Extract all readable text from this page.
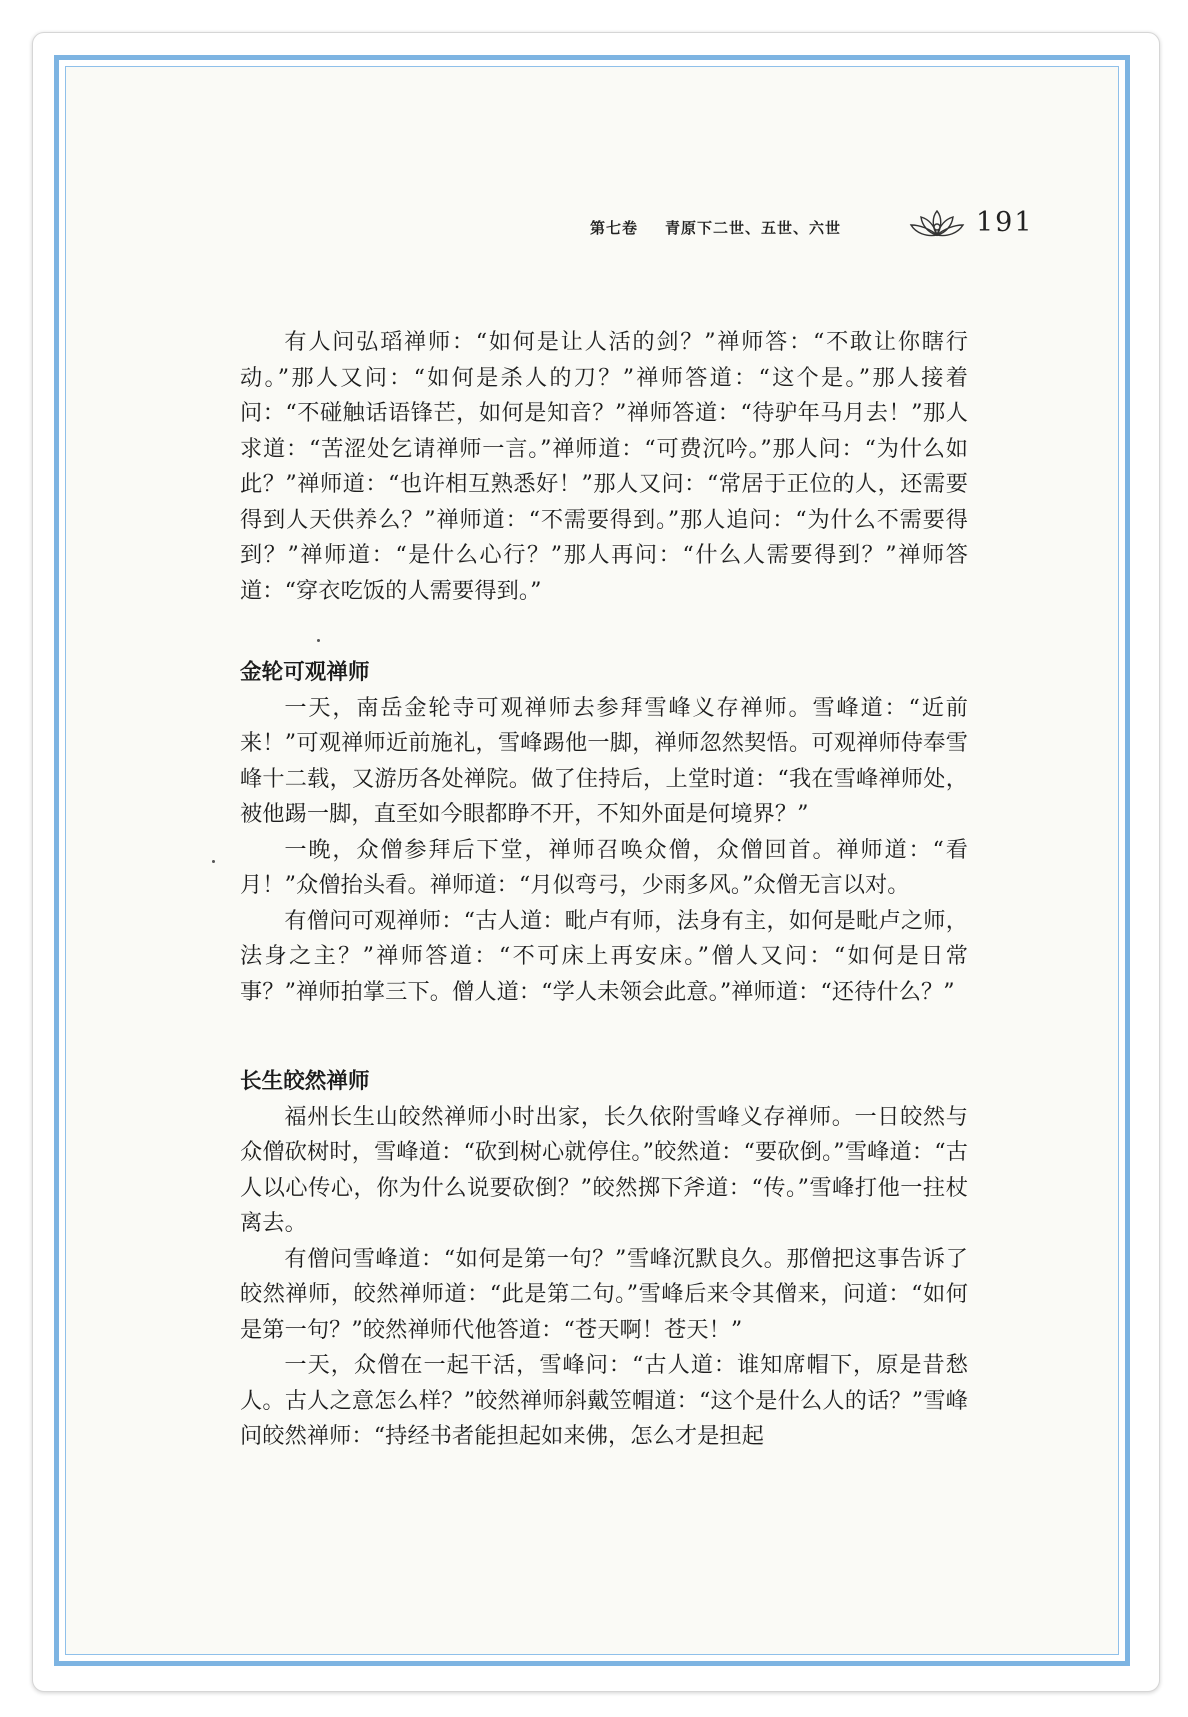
第七卷 青原下二世、五世、六世	191

有人问弘瑫禅师：“如何是让人活的剑？”禅师答：“不敢让你瞎行动。”那人又问：“如何是杀人的刀？”禅师答道：“这个是。”那人接着问：“不碰触话语锋芒，如何是知音？”禅师答道：“待驴年马月去！”那人求道：“苦涩处乞请禅师一言。”禅师道：“可费沉吟。”那人问：“为什么如此？”禅师道：“也许相互熟悉好！”那人又问：“常居于正位的人，还需要得到人天供养么？”禅师道：“不需要得到。”那人追问：“为什么不需要得到？”禅师道：“是什么心行？”那人再问：“什么人需要得到？”禅师答道：“穿衣吃饭的人需要得到。”

金轮可观禅师

一天，南岳金轮寺可观禅师去参拜雪峰义存禅师。雪峰道：“近前来！”可观禅师近前施礼，雪峰踢他一脚，禅师忽然契悟。可观禅师侍奉雪峰十二载，又游历各处禅院。做了住持后，上堂时道：“我在雪峰禅师处，被他踢一脚，直至如今眼都睁不开，不知外面是何境界？”

一晚，众僧参拜后下堂，禅师召唤众僧，众僧回首。禅师道：“看月！”众僧抬头看。禅师道：“月似弯弓，少雨多风。”众僧无言以对。

有僧问可观禅师：“古人道：毗卢有师，法身有主，如何是毗卢之师，法身之主？”禅师答道：“不可床上再安床。”僧人又问：“如何是日常事？”禅师拍掌三下。僧人道：“学人未领会此意。”禅师道：“还待什么？”

长生皎然禅师

福州长生山皎然禅师小时出家，长久依附雪峰义存禅师。一日皎然与众僧砍树时，雪峰道：“砍到树心就停住。”皎然道：“要砍倒。”雪峰道：“古人以心传心，你为什么说要砍倒？”皎然掷下斧道：“传。”雪峰打他一拄杖离去。

有僧问雪峰道：“如何是第一句？”雪峰沉默良久。那僧把这事告诉了皎然禅师，皎然禅师道：“此是第二句。”雪峰后来令其僧来，问道：“如何是第一句？”皎然禅师代他答道：“苍天啊！苍天！”

一天，众僧在一起干活，雪峰问：“古人道：谁知席帽下，原是昔愁人。古人之意怎么样？”皎然禅师斜戴笠帽道：“这个是什么人的话？”雪峰问皎然禅师：“持经书者能担起如来佛，怎么才是担起
